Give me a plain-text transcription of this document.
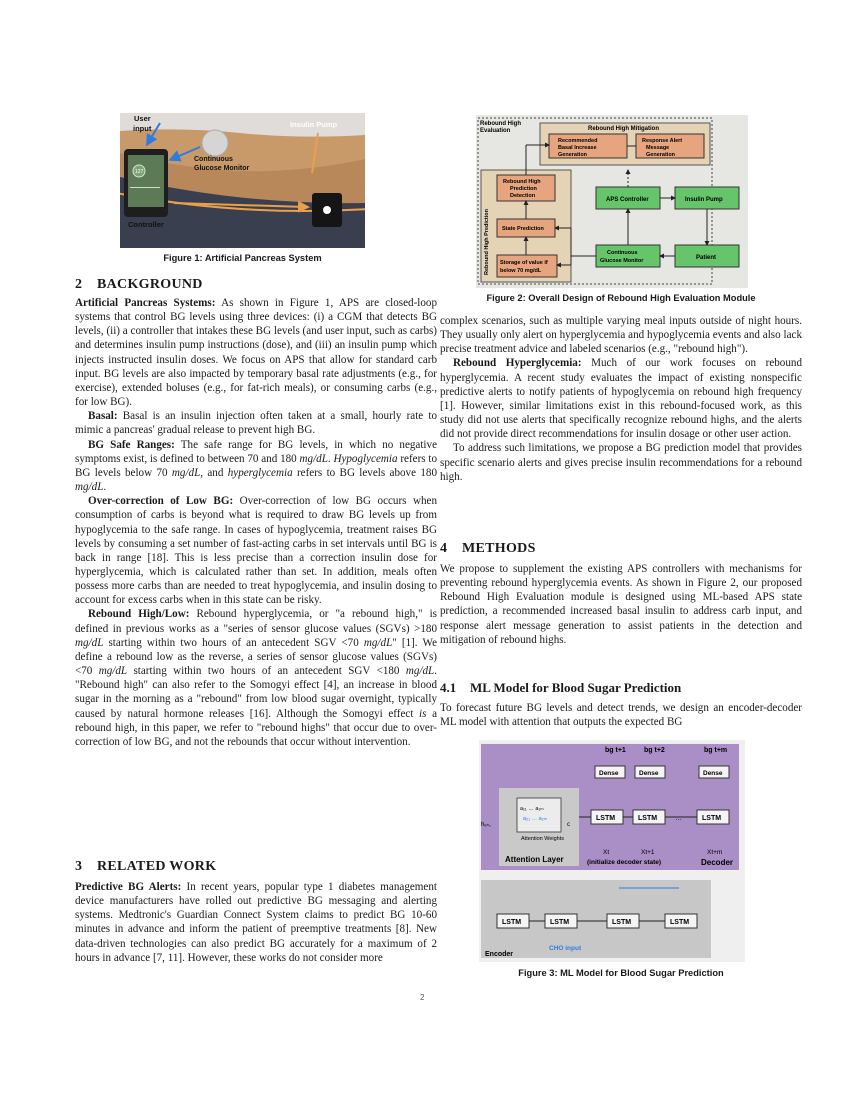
127
Controller
User
input
Continuous
Glucose Monitor
Insulin Pump
Figure 1: Artificial Pancreas System
2 BACKGROUND

Artificial Pancreas Systems: As shown in Figure 1, APS are closed-loop systems that control BG levels using three devices: (i) a CGM that detects BG levels, (ii) a controller that intakes these BG levels (and user input, such as carbs) and determines insulin pump instructions (dose), and (iii) an insulin pump which injects instructed insulin doses. We focus on APS that allow for standard carb input. BG levels are also impacted by temporary basal rate adjustments (e.g., for exercise), extended boluses (e.g., for fat-rich meals), or consuming carbs (e.g., for low BG).

Basal: Basal is an insulin injection often taken at a small, hourly rate to mimic a pancreas' gradual release to prevent high BG.

BG Safe Ranges: The safe range for BG levels, in which no negative symptoms exist, is defined to between 70 and 180 mg/dL. Hypoglycemia refers to BG levels below 70 mg/dL, and hyperglycemia refers to BG levels above 180 mg/dL.

Over-correction of Low BG: Over-correction of low BG occurs when consumption of carbs is beyond what is required to draw BG levels up from hypoglycemia to the safe range. In cases of hypoglycemia, treatment raises BG levels by consuming a set number of fast-acting carbs in set intervals until BG is back in range [18]. This is less precise than a correction insulin dose for hyperglycemia, which is calculated rather than set. In addition, meals often possess more carbs than are needed to treat hypoglycemia, and insulin dosing to account for excess carbs when in this state can be risky.

Rebound High/Low: Rebound hyperglycemia, or "a rebound high," is defined in previous works as a "series of sensor glucose values (SGVs) >180 mg/dL starting within two hours of an antecedent SGV <70 mg/dL" [1]. We define a rebound low as the reverse, a series of sensor glucose values (SGVs) <70 mg/dL starting within two hours of an antecedent SGV <180 mg/dL. "Rebound high" can also refer to the Somogyi effect [4], an increase in blood sugar in the morning as a "rebound" from low blood sugar overnight, typically caused by natural hormone releases [16]. Although the Somogyi effect is a rebound high, in this paper, we refer to "rebound highs" that occur due to over-correction of low BG, and not the rebounds that occur without intervention.

3 RELATED WORK

Predictive BG Alerts: In recent years, popular type 1 diabetes management device manufacturers have rolled out predictive BG messaging and alerting systems. Medtronic's Guardian Connect System claims to predict BG 10-60 minutes in advance and inform the patient of preemptive treatments [8]. New data-driven technologies can also predict BG accurately for a maximum of 2 hours in advance [7, 11]. However, these works do not consider more

Rebound High
Evaluation	Rebound High Mitigation
Recommended
Basal Increase
Generation
Response Alert
Message
Generation
Rebound High Prediction
Rebound High
Prediction
Detection
State Prediction
Storage of value if
below 70 mg/dL
APS Controller	Insulin Pump
Continuous
Glucose Monitor	Patient
Figure 2: Overall Design of Rebound High Evaluation Module

complex scenarios, such as multiple varying meal inputs outside of night hours. They usually only alert on hyperglycemia and hypoglycemia events and also lack precise treatment advice and labeled scenarios (e.g., "rebound high").

Rebound Hyperglycemia: Much of our work focuses on rebound hyperglycemia. A recent study evaluates the impact of existing nonspecific predictive alerts to notify patients of hypoglycemia on rebound high frequency [1]. However, similar limitations exist in this rebound-focused work, as this study did not use alerts that specifically recognize rebound highs, and the alerts did not provide direct recommendations for insulin dosage or other user action.

To address such limitations, we propose a BG prediction model that provides specific scenario alerts and gives precise insulin recommendations for a rebound high.

4 METHODS

We propose to supplement the existing APS controllers with mechanisms for preventing rebound hyperglycemia events. As shown in Figure 2, our proposed Rebound High Evaluation module is designed using ML-based APS state prediction, a recommended increased basal insulin to address carb input, and response alert message generation to assist patients in the detection and mitigation of rebound highs.

4.1 ML Model for Blood Sugar Prediction

To forecast future BG levels and detect trends, we design an encoder-decoder ML model with attention that outputs the expected BG

a₁₁ … a₁ₘ
a₂₁ … a₂ₘ
Attention Weights
Attention Layer
hₑₙ꜀	c
bg t+1	bg t+2	bg t+m
Dense	Dense	Dense
LSTM	LSTM	LSTM
…
Xt	Xt+1	Xt+m
(initialize decoder state)	Decoder
LSTM	LSTM	LSTM	LSTM
CHO input
Encoder
Figure 3: ML Model for Blood Sugar Prediction
2
